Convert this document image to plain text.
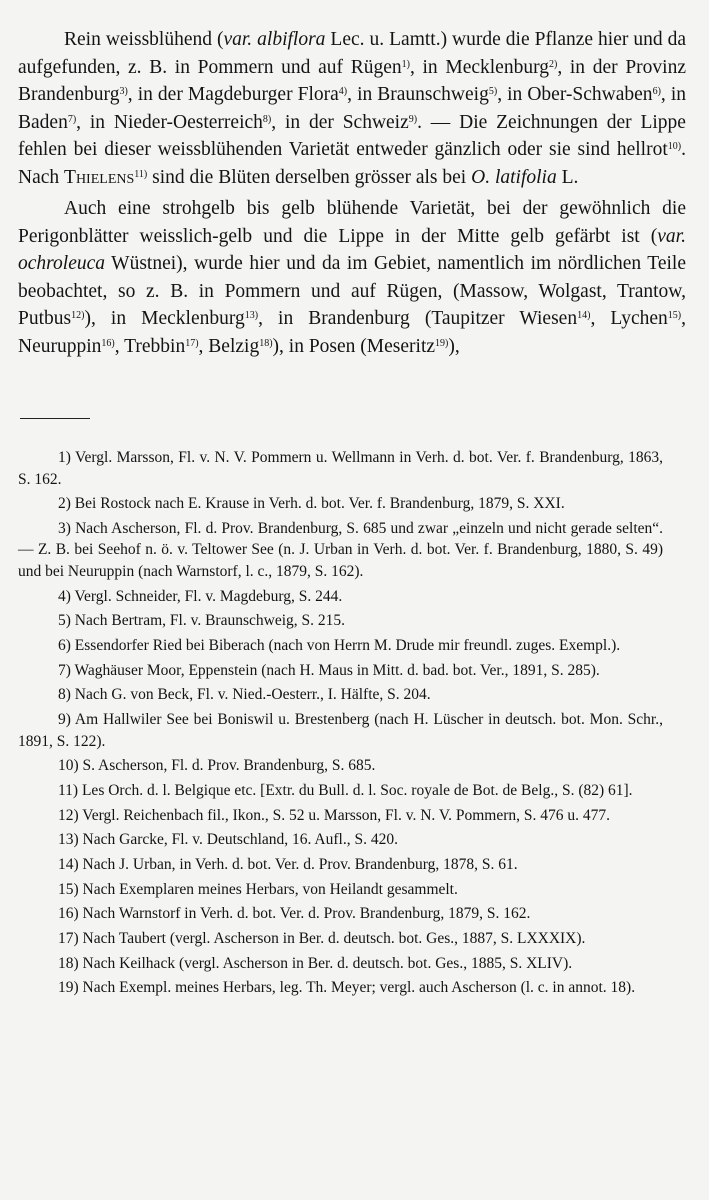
Rein weissblühend (var. albiflora Lec. u. Lamtt.) wurde die Pflanze hier und da aufgefunden, z. B. in Pommern und auf Rügen$^{1)}$, in Mecklenburg$^{2)}$, in der Provinz Brandenburg$^{3)}$, in der Magdeburger Flora$^{4)}$, in Braunschweig$^{5)}$, in Ober-Schwaben$^{6)}$, in Baden$^{7)}$, in Nieder-Oesterreich$^{8)}$, in der Schweiz$^{9)}$. — Die Zeichnungen der Lippe fehlen bei dieser weissblühenden Varietät entweder gänzlich oder sie sind hellrot$^{10)}$. Nach Thielens$^{11)}$ sind die Blüten derselben grösser als bei O. latifolia L.

Auch eine strohgelb bis gelb blühende Varietät, bei der gewöhnlich die Perigonblätter weisslich-gelb und die Lippe in der Mitte gelb gefärbt ist (var. ochroleuca Wüstnei), wurde hier und da im Gebiet, namentlich im nördlichen Teile beobachtet, so z. B. in Pommern und auf Rügen, (Massow, Wolgast, Trantow, Putbus$^{12)}$), in Mecklenburg$^{13)}$, in Brandenburg (Taupitzer Wiesen$^{14)}$, Lychen$^{15)}$, Neuruppin$^{16)}$, Trebbin$^{17)}$, Belzig$^{18)}$), in Posen (Meseritz$^{19)}$),

1) Vergl. Marsson, Fl. v. N. V. Pommern u. Wellmann in Verh. d. bot. Ver. f. Brandenburg, 1863, S. 162.

2) Bei Rostock nach E. Krause in Verh. d. bot. Ver. f. Brandenburg, 1879, S. XXI.

3) Nach Ascherson, Fl. d. Prov. Brandenburg, S. 685 und zwar „einzeln und nicht gerade selten“. — Z. B. bei Seehof n. ö. v. Teltower See (n. J. Urban in Verh. d. bot. Ver. f. Brandenburg, 1880, S. 49) und bei Neuruppin (nach Warnstorf, l. c., 1879, S. 162).

4) Vergl. Schneider, Fl. v. Magdeburg, S. 244.

5) Nach Bertram, Fl. v. Braunschweig, S. 215.

6) Essendorfer Ried bei Biberach (nach von Herrn M. Drude mir freundl. zuges. Exempl.).

7) Waghäuser Moor, Eppenstein (nach H. Maus in Mitt. d. bad. bot. Ver., 1891, S. 285).

8) Nach G. von Beck, Fl. v. Nied.-Oesterr., I. Hälfte, S. 204.

9) Am Hallwiler See bei Boniswil u. Brestenberg (nach H. Lüscher in deutsch. bot. Mon. Schr., 1891, S. 122).

10) S. Ascherson, Fl. d. Prov. Brandenburg, S. 685.

11) Les Orch. d. l. Belgique etc. [Extr. du Bull. d. l. Soc. royale de Bot. de Belg., S. (82) 61].

12) Vergl. Reichenbach fil., Ikon., S. 52 u. Marsson, Fl. v. N. V. Pommern, S. 476 u. 477.

13) Nach Garcke, Fl. v. Deutschland, 16. Aufl., S. 420.

14) Nach J. Urban, in Verh. d. bot. Ver. d. Prov. Brandenburg, 1878, S. 61.

15) Nach Exemplaren meines Herbars, von Heilandt gesammelt.

16) Nach Warnstorf in Verh. d. bot. Ver. d. Prov. Brandenburg, 1879, S. 162.

17) Nach Taubert (vergl. Ascherson in Ber. d. deutsch. bot. Ges., 1887, S. LXXXIX).

18) Nach Keilhack (vergl. Ascherson in Ber. d. deutsch. bot. Ges., 1885, S. XLIV).

19) Nach Exempl. meines Herbars, leg. Th. Meyer; vergl. auch Ascherson (l. c. in annot. 18).
